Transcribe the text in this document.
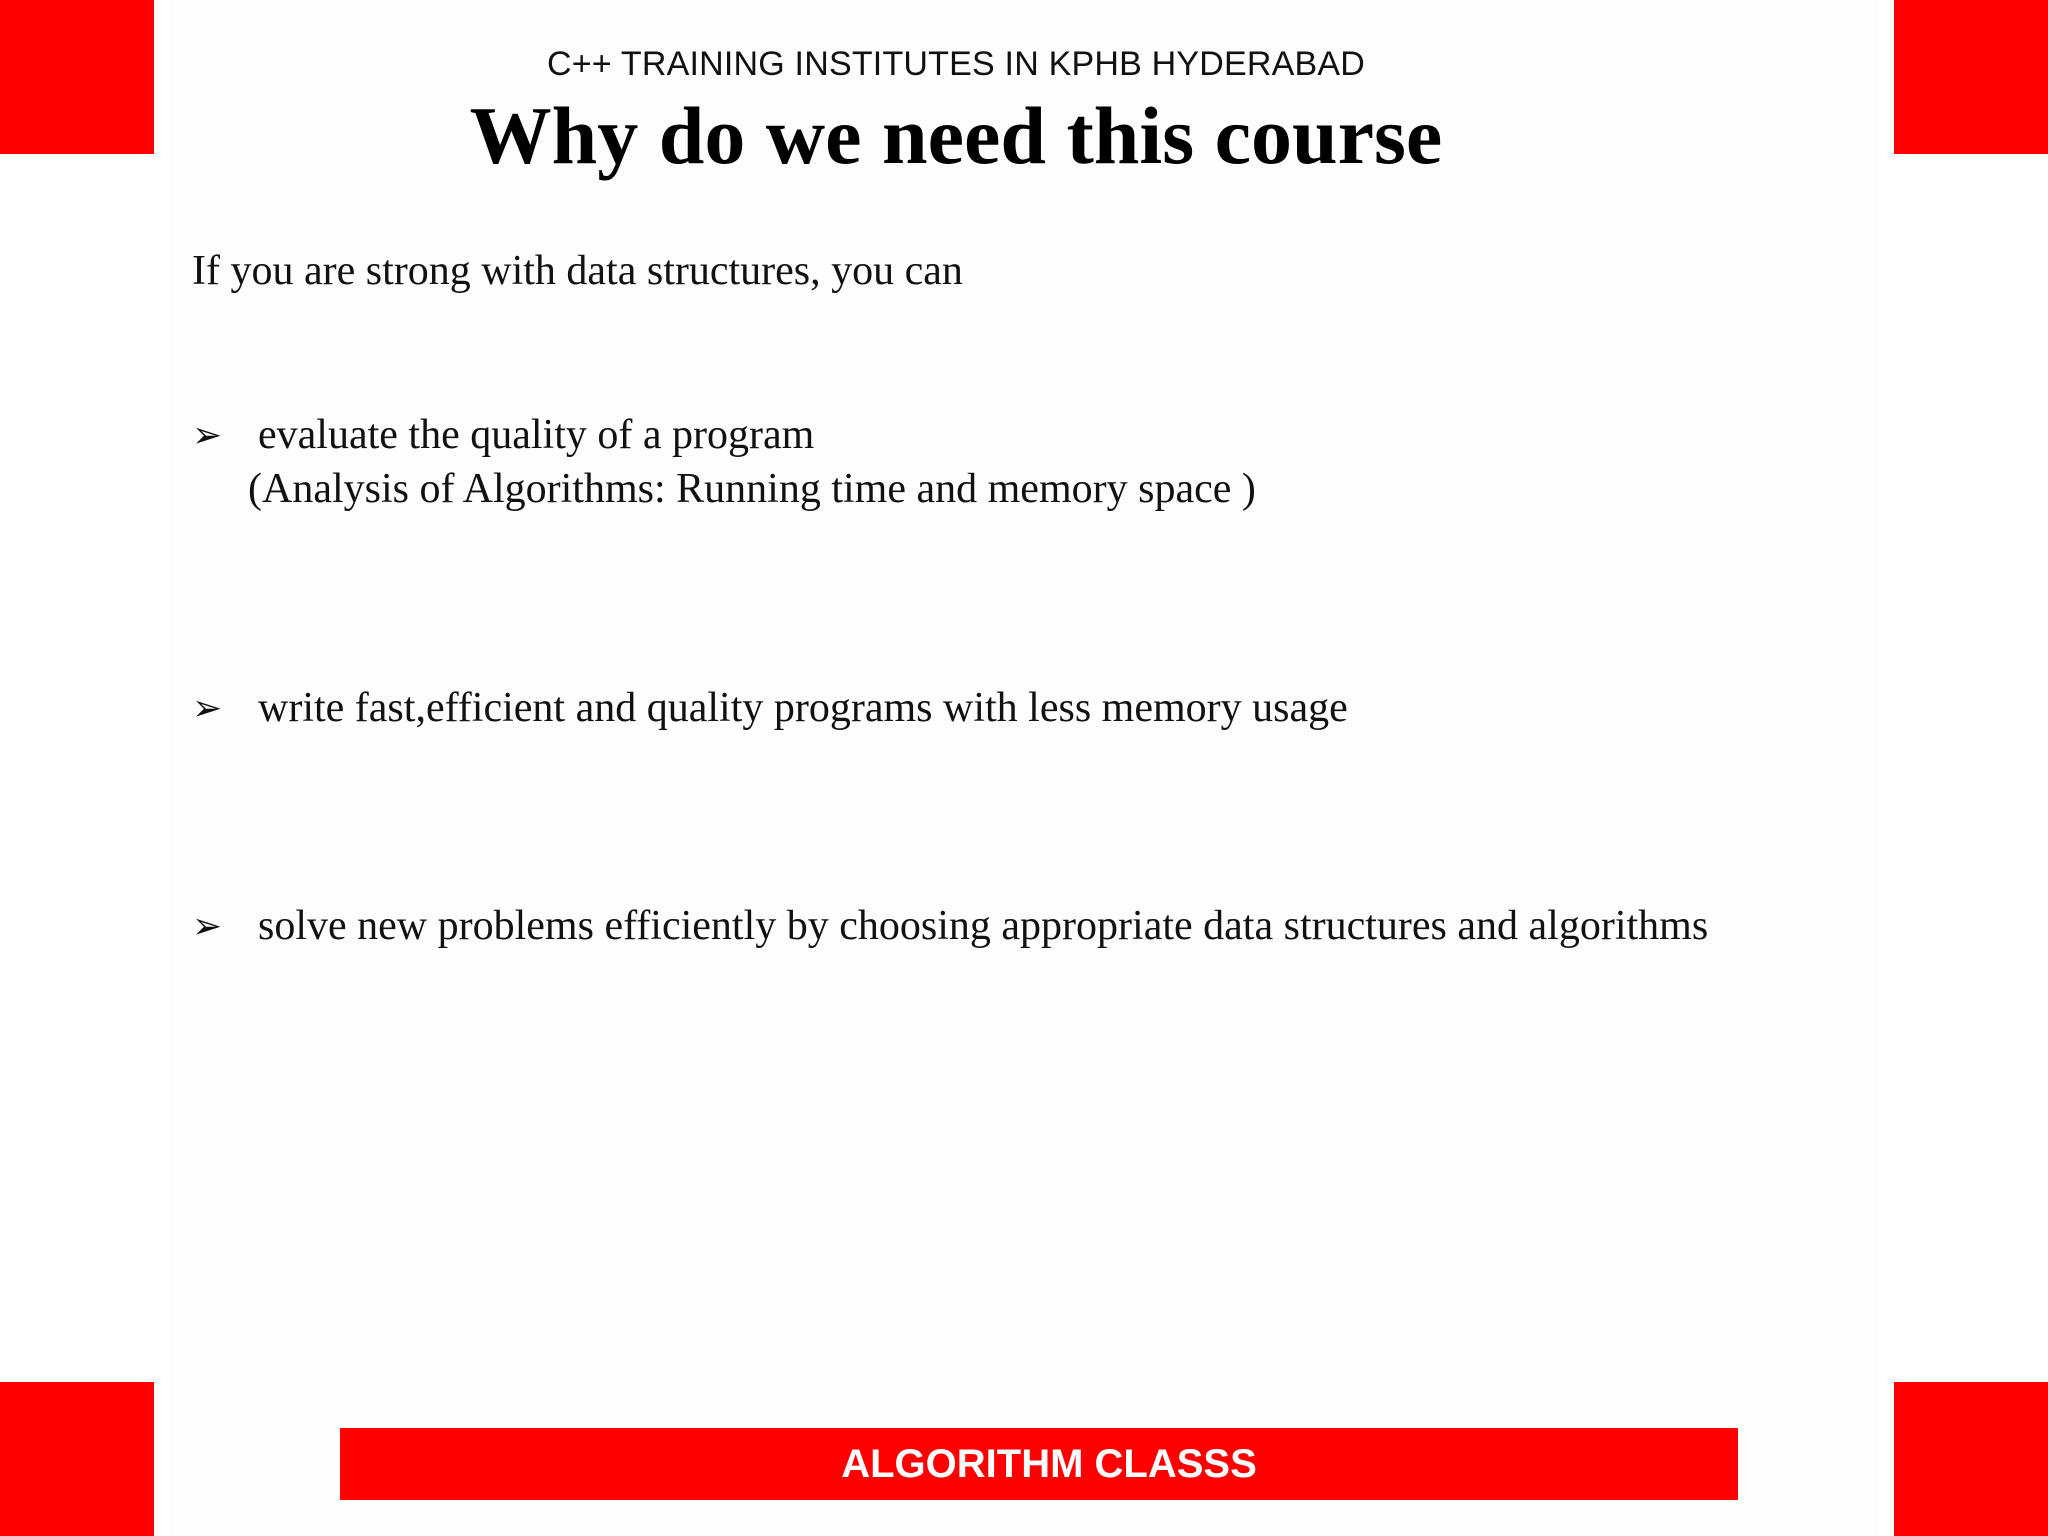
C++ TRAINING INSTITUTES IN KPHB HYDERABAD
Why do we need this course
If you are strong with data structures, you can
➢ evaluate the quality of a program
(Analysis of Algorithms: Running time and memory space )
➢ write fast,efficient and quality programs with less memory usage
➢ solve new problems efficiently by choosing appropriate data structures and algorithms
ALGORITHM CLASSS
